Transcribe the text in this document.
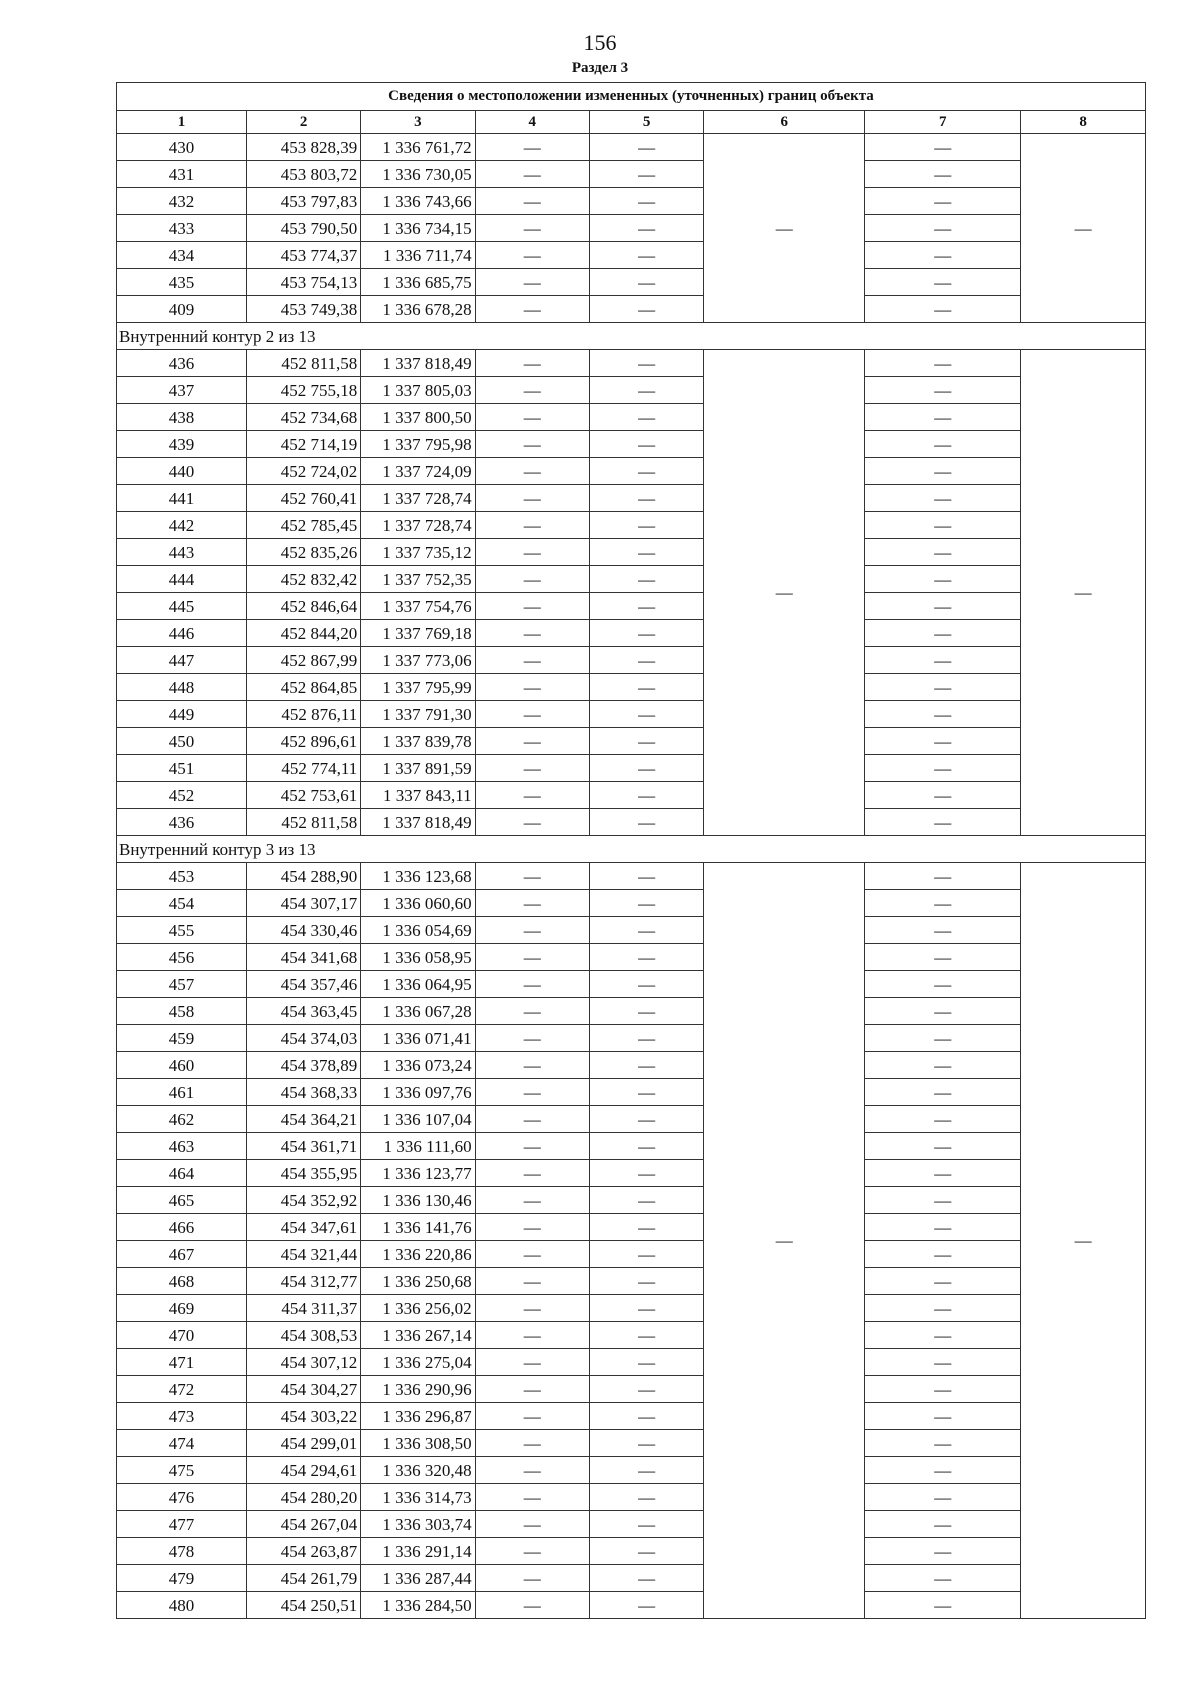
156
Раздел 3
Сведения о местоположении измененных (уточненных) границ объекта							
1	2	3	4	5	6	7	8
430	453 828,39	1 336 761,72	—	—	—	—	—
431	453 803,72	1 336 730,05	—	—		—	
432	453 797,83	1 336 743,66	—	—		—	
433	453 790,50	1 336 734,15	—	—		—	
434	453 774,37	1 336 711,74	—	—		—	
435	453 754,13	1 336 685,75	—	—		—	
409	453 749,38	1 336 678,28	—	—		—	
Внутренний контур 2 из 13							
436	452 811,58	1 337 818,49	—	—	—	—	—
437	452 755,18	1 337 805,03	—	—		—	
438	452 734,68	1 337 800,50	—	—		—	
439	452 714,19	1 337 795,98	—	—		—	
440	452 724,02	1 337 724,09	—	—		—	
441	452 760,41	1 337 728,74	—	—		—	
442	452 785,45	1 337 728,74	—	—		—	
443	452 835,26	1 337 735,12	—	—		—	
444	452 832,42	1 337 752,35	—	—		—	
445	452 846,64	1 337 754,76	—	—		—	
446	452 844,20	1 337 769,18	—	—		—	
447	452 867,99	1 337 773,06	—	—		—	
448	452 864,85	1 337 795,99	—	—		—	
449	452 876,11	1 337 791,30	—	—		—	
450	452 896,61	1 337 839,78	—	—		—	
451	452 774,11	1 337 891,59	—	—		—	
452	452 753,61	1 337 843,11	—	—		—	
436	452 811,58	1 337 818,49	—	—		—	
Внутренний контур 3 из 13							
453	454 288,90	1 336 123,68	—	—	—	—	—
454	454 307,17	1 336 060,60	—	—		—	
455	454 330,46	1 336 054,69	—	—		—	
456	454 341,68	1 336 058,95	—	—		—	
457	454 357,46	1 336 064,95	—	—		—	
458	454 363,45	1 336 067,28	—	—		—	
459	454 374,03	1 336 071,41	—	—		—	
460	454 378,89	1 336 073,24	—	—		—	
461	454 368,33	1 336 097,76	—	—		—	
462	454 364,21	1 336 107,04	—	—		—	
463	454 361,71	1 336 111,60	—	—		—	
464	454 355,95	1 336 123,77	—	—		—	
465	454 352,92	1 336 130,46	—	—		—	
466	454 347,61	1 336 141,76	—	—		—	
467	454 321,44	1 336 220,86	—	—		—	
468	454 312,77	1 336 250,68	—	—		—	
469	454 311,37	1 336 256,02	—	—		—	
470	454 308,53	1 336 267,14	—	—		—	
471	454 307,12	1 336 275,04	—	—		—	
472	454 304,27	1 336 290,96	—	—		—	
473	454 303,22	1 336 296,87	—	—		—	
474	454 299,01	1 336 308,50	—	—		—	
475	454 294,61	1 336 320,48	—	—		—	
476	454 280,20	1 336 314,73	—	—		—	
477	454 267,04	1 336 303,74	—	—		—	
478	454 263,87	1 336 291,14	—	—		—	
479	454 261,79	1 336 287,44	—	—		—	
480	454 250,51	1 336 284,50	—	—		—	
